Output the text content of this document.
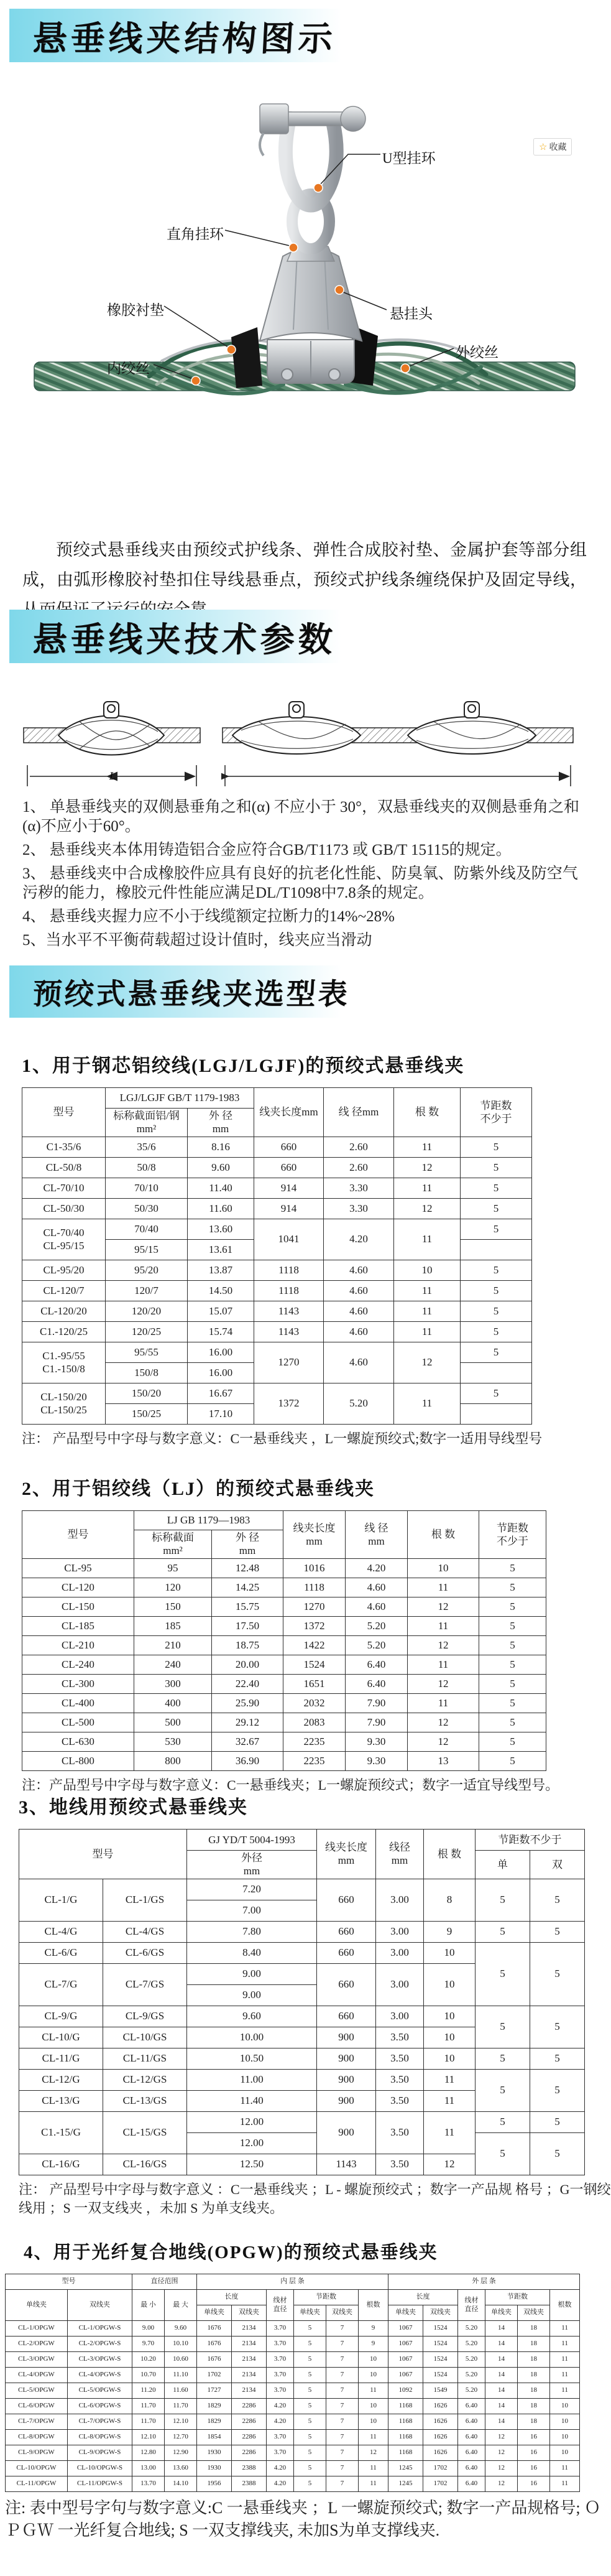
悬垂线夹结构图示
☆ 收藏
U型挂环
直角挂环
橡胶衬垫	悬挂头
内绞丝
外绞丝

预绞式悬垂线夹由预绞式护线条、弹性合成胶衬垫、金属护套等部分组成，由弧形橡胶衬垫扣住导线悬垂点，预绞式护线条缠绕保护及固定导线，

悬垂线夹技术参数
L

1、 单悬垂线夹的双侧悬垂角之和(α) 不应小于 30°，双悬垂线夹的双侧悬垂角之和(α)不应小于60°。

2、 悬垂线夹本体用铸造铝合金应符合GB/T1173 或 GB/T 15115的规定。

3、 悬垂线夹中合成橡胶件应具有良好的抗老化性能、防臭氧、防紫外线及防空气污秽的能力，橡胶元件性能应满足DL/T1098中7.8条的规定。

4、 悬垂线夹握力应不小于线缆额定拉断力的14%~28%

5、当水平不平衡荷载超过设计值时，线夹应当滑动

预绞式悬垂线夹选型表
1、用于钢芯铝绞线(LGJ/LGJF)的预绞式悬垂线夹
型号	LGJ/LGJF GB/T 1179-1983		线夹长度mm	线 径mm	根 数	节距数
不少于
	标称截面铝/钢
mm²	外 径
mm				
C1-35/6	35/6	8.16	660	2.60	11	5
CL-50/8	50/8	9.60	660	2.60	12	5
CL-70/10	70/10	11.40	914	3.30	11	5
CL-50/30	50/30	11.60	914	3.30	12	5
CL-70/40
CL-95/15	70/40	13.60	1041	4.20	11	5
	95/15	13.61				
CL-95/20	95/20	13.87	1118	4.60	10	5
CL-120/7	120/7	14.50	1118	4.60	11	5
CL-120/20	120/20	15.07	1143	4.60	11	5
C1.-120/25	120/25	15.74	1143	4.60	11	5
C1.-95/55
C1.-150/8	95/55	16.00	1270	4.60	12	5
	150/8	16.00				
CL-150/20
CL-150/25	150/20	16.67	1372	5.20	11	5
	150/25	17.10				

注： 产品型号中字母与数字意义：C一悬垂线夹 ，L一螺旋预绞式;数字一适用导线型号

2、用于铝绞线（LJ）的预绞式悬垂线夹
型号	LJ GB 1179—1983		线夹长度
mm	线 径
mm	根 数	节距数
不少于
	标称截面
mm²	外 径
mm				
CL-95	95	12.48	1016	4.20	10	5
CL-120	120	14.25	1118	4.60	11	5
CL-150	150	15.75	1270	4.60	12	5
CL-185	185	17.50	1372	5.20	11	5
CL-210	210	18.75	1422	5.20	12	5
CL-240	240	20.00	1524	6.40	11	5
CL-300	300	22.40	1651	6.40	12	5
CL-400	400	25.90	2032	7.90	11	5
CL-500	500	29.12	2083	7.90	12	5
CL-630	530	32.67	2235	9.30	12	5
CL-800	800	36.90	2235	9.30	13	5

注：产品型号中字母与数字意义：C一悬垂线夹；L一螺旋预绞式；数字一适宜导线型号。

3、地线用预绞式悬垂线夹
型号		GJ YD/T 5004-1993	线夹长度
mm	线径
mm	根 数	节距数不少于	
		外径
mm				单	双
CL-1/G	CL-1/GS	7.20	660	3.00	8	5	5
		7.00					
CL-4/G	CL-4/GS	7.80	660	3.00	9	5	5
CL-6/G	CL-6/GS	8.40	660	3.00	10	5	5
CL-7/G	CL-7/GS	9.00	660	3.00	10		
		9.00					
CL-9/G	CL-9/GS	9.60	660	3.00	10	5	5
CL-10/G	CL-10/GS	10.00	900	3.50	10		
CL-11/G	CL-11/GS	10.50	900	3.50	10	5	5
CL-12/G	CL-12/GS	11.00	900	3.50	11	5	5
CL-13/G	CL-13/GS	11.40	900	3.50	11		
C1.-15/G	CL-15/GS	12.00	900	3.50	11	5	5
		12.00				5	5
CL-16/G	CL-16/GS	12.50	1143	3.50	12		

注： 产品型号中字母与数字意义 ：C一悬垂线夹 ；L - 螺旋预绞式 ；数字一产品规 格号 ；G一钢绞线用 ；S 一双支线夹 ，未加 S 为单支线夹。

4、用于光纤复合地线(OPGW)的预绞式悬垂线夹
型号		直径范围		内 层 条						外 层 条					
单线夹	双线夹	最 小	最 大	长度		线材
直径	节距数		根数	长度		线材
直径	节距数		根数
				单线夹	双线夹		单线夹	双线夹		单线夹	双线夹		单线夹	双线夹	
CL-1/OPGW	CL-1/OPGW-S	9.00	9.60	1676	2134	3.70	5	7	9	1067	1524	5.20	14	18	11
CL-2/OPGW	CL-2/OPGW-S	9.70	10.10	1676	2134	3.70	5	7	9	1067	1524	5.20	14	18	11
CL-3/OPGW	CL-3/OPGW-S	10.20	10.60	1676	2134	3.70	5	7	10	1067	1524	5.20	14	18	11
CL-4/OPGW	CL-4/OPGW-S	10.70	11.10	1702	2134	3.70	5	7	10	1067	1524	5.20	14	18	11
CL-5/OPGW	CL-5/OPGW-S	11.20	11.60	1727	2134	3.70	5	7	11	1092	1549	5.20	14	18	11
CL-6/OPGW	CL-6/OPGW-S	11.70	11.70	1829	2286	4.20	5	7	10	1168	1626	6.40	14	18	10
CL-7/OPGW	CL-7/OPGW-S	11.70	12.10	1829	2286	4.20	5	7	10	1168	1626	6.40	14	18	10
CL-8/OPGW	CL-8/OPGW-S	12.10	12.70	1854	2286	3.70	5	7	11	1168	1626	6.40	12	16	10
CL-9/OPGW	CL-9/OPGW-S	12.80	12.90	1930	2286	3.70	5	7	12	1168	1626	6.40	12	16	10
CL-10/OPGW	CL-10/OPGW-S	13.00	13.60	1930	2388	4.20	5	7	11	1245	1702	6.40	12	16	11
CL-11/OPGW	CL-11/OPGW-S	13.70	14.10	1956	2388	4.20	5	7	11	1245	1702	6.40	12	16	11

注: 表中型号字句与数字意义:C 一悬垂线夹 ；L 一螺旋预绞式; 数字一产品规格号; ＯＰＧＷ 一光纤复合地线; S 一双支撑线夹, 未加S为单支撑线夹.
